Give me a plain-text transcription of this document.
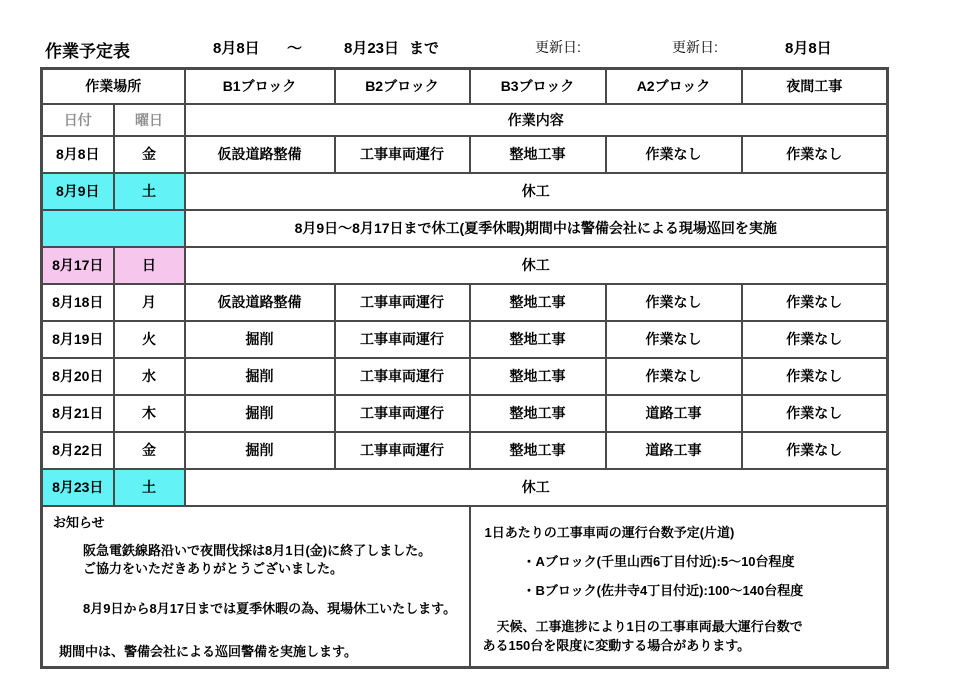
作業予定表	8月8日 ～	8月23日 まで	更新日:	更新日:	8月8日
作業場所		B1ブロック	B2ブロック	B3ブロック	A2ブロック	夜間工事
日付	曜日	作業内容				
8月8日	金	仮設道路整備	工事車両運行	整地工事	作業なし	作業なし
8月9日	土	休工				
		8月9日～8月17日まで休工(夏季休暇)期間中は警備会社による現場巡回を実施				
8月17日	日	休工				
8月18日	月	仮設道路整備	工事車両運行	整地工事	作業なし	作業なし
8月19日	火	掘削	工事車両運行	整地工事	作業なし	作業なし
8月20日	水	掘削	工事車両運行	整地工事	作業なし	作業なし
8月21日	木	掘削	工事車両運行	整地工事	道路工事	作業なし
8月22日	金	掘削	工事車両運行	整地工事	道路工事	作業なし
8月23日	土	休工				

お知らせ
阪急電鉄線路沿いで夜間伐採は8月1日(金)に終了しました。
ご協力をいただきありがとうございました。
8月9日から8月17日までは夏季休暇の為、現場休工いたします。
期間中は、警備会社による巡回警備を実施します。

1日あたりの工事車両の運行台数予定(片道)
・Aブロック(千里山西6丁目付近):5～10台程度
・Bブロック(佐井寺4丁目付近):100～140台程度
天候、工事進捗により1日の工事車両最大運行台数で
ある150台を限度に変動する場合があります。
